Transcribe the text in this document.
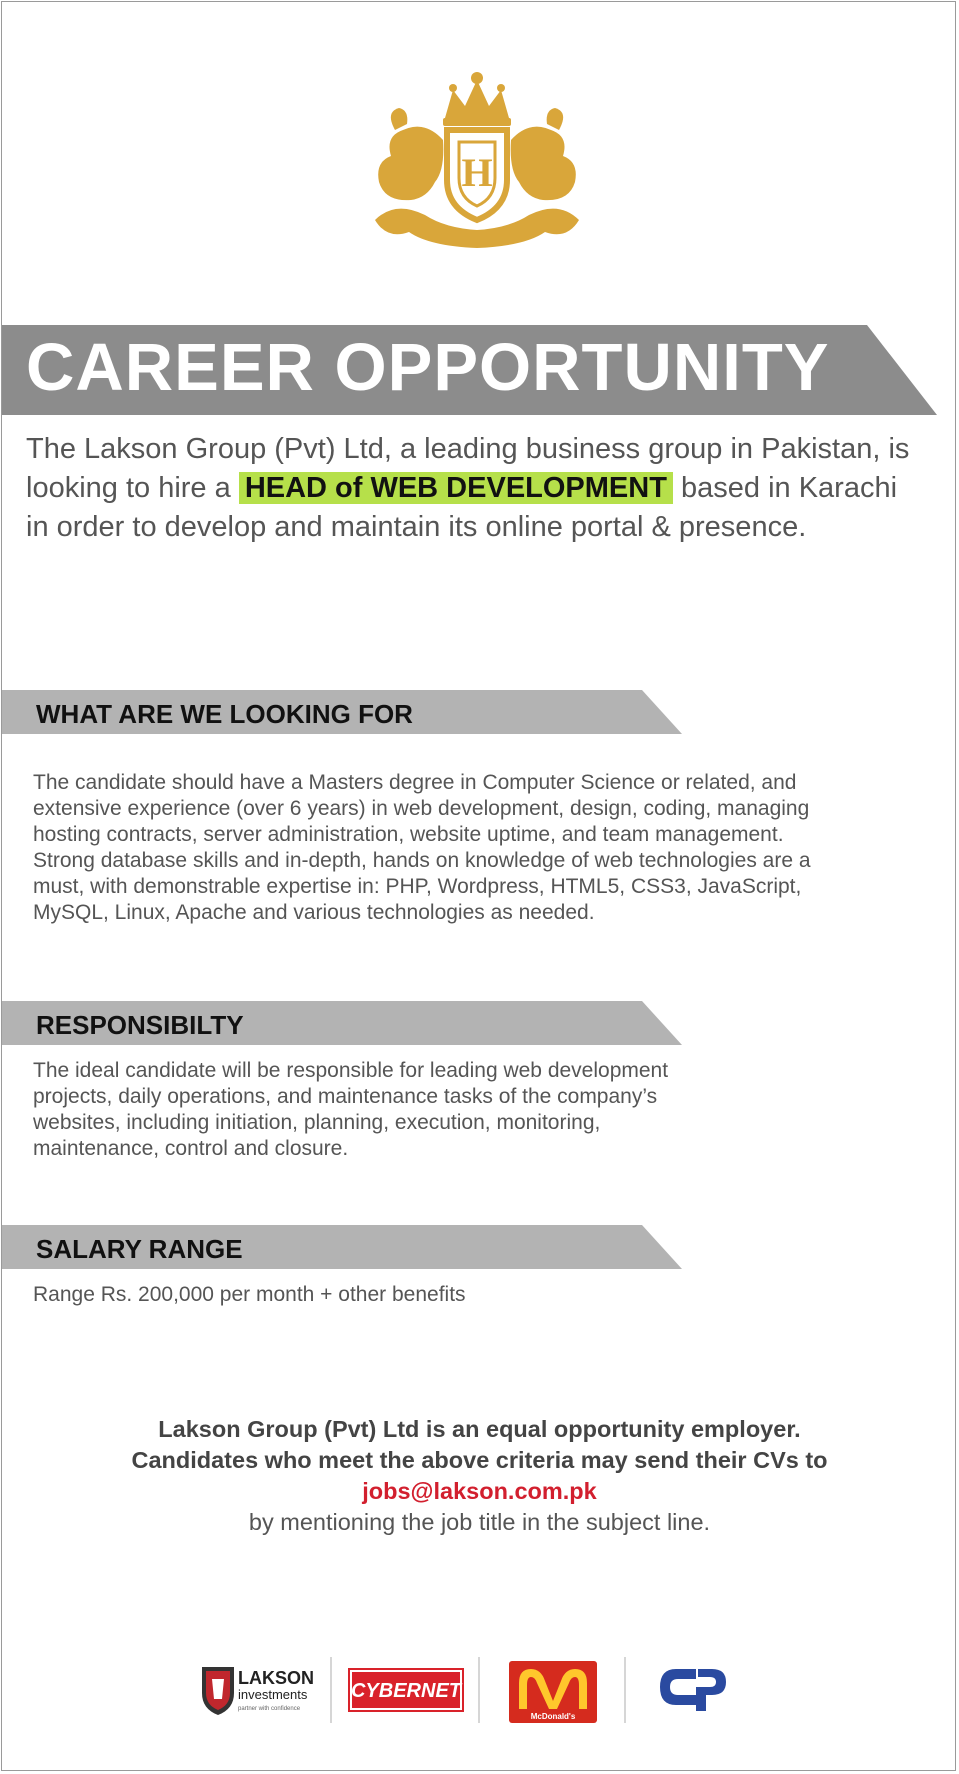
H
CAREER OPPORTUNITY
The Lakson Group (Pvt) Ltd, a leading business group in Pakistan, is looking to hire a HEAD of WEB DEVELOPMENT based in Karachi in order to develop and maintain its online portal & presence.
WHAT ARE WE LOOKING FOR
The candidate should have a Masters degree in Computer Science or related, and
extensive experience (over 6 years) in web development, design, coding, managing
hosting contracts, server administration, website uptime, and team management.
Strong database skills and in-depth, hands on knowledge of web technologies are a
must, with demonstrable expertise in: PHP, Wordpress, HTML5, CSS3, JavaScript,
MySQL, Linux, Apache and various technologies as needed.
RESPONSIBILTY
The ideal candidate will be responsible for leading web development
projects, daily operations, and maintenance tasks of the company’s
websites, including initiation, planning, execution, monitoring,
maintenance, control and closure.
SALARY RANGE
Range Rs. 200,000 per month + other benefits
Lakson Group (Pvt) Ltd is an equal opportunity employer.
Candidates who meet the above criteria may send their CVs to
jobs@lakson.com.pk
by mentioning the job title in the subject line.
LAKSON
investments
partner with confidence
CYBERNET
McDonald's
cp
